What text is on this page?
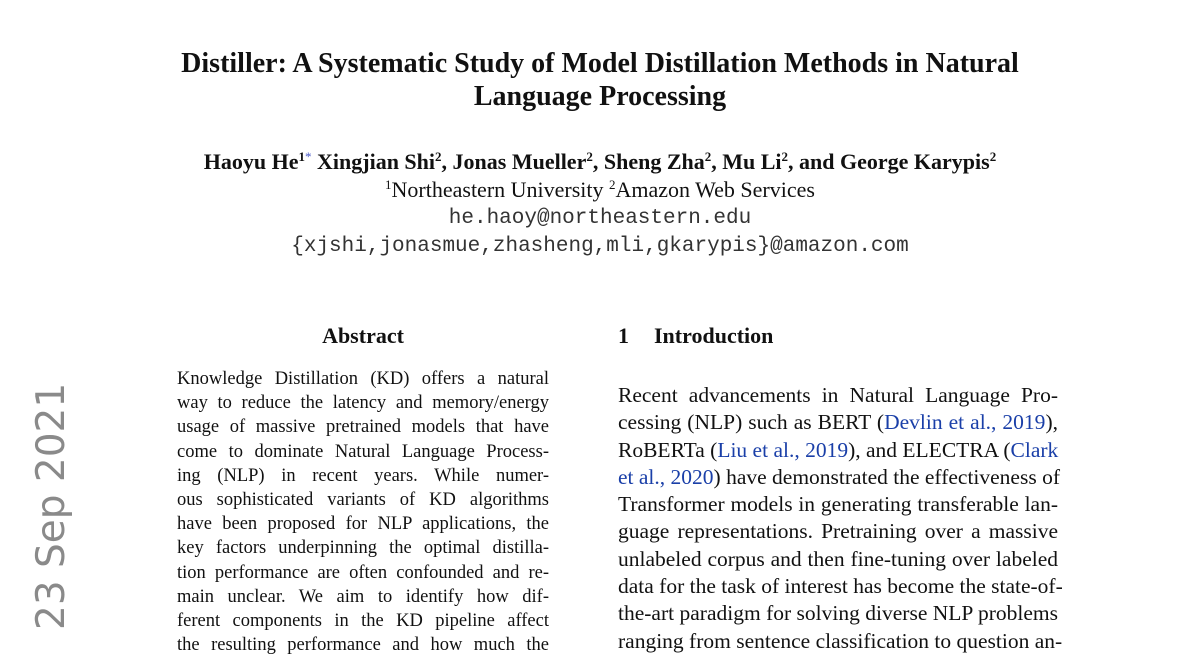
Distiller: A Systematic Study of Model Distillation Methods in Natural
Language Processing
Haoyu $He^{1*}$ Xingjian Shi$^2$, Jonas Mueller$^2$, Sheng Zha$^2$, Mu Li$^2$, and George Karypis$^2$
$^1$Northeastern University $^2$Amazon Web Services
he.haoy@northeastern.edu
{xjshi,jonasmue,zhasheng,mli,gkarypis}@amazon.com
23 Sep 2021
Abstract
Knowledge Distillation (KD) offers a natural
way to reduce the latency and memory/energy
usage of massive pretrained models that have
come to dominate Natural Language Process-
ing (NLP) in recent years. While numer-
ous sophisticated variants of KD algorithms
have been proposed for NLP applications, the
key factors underpinning the optimal distilla-
tion performance are often confounded and re-
main unclear. We aim to identify how dif-
ferent components in the KD pipeline affect
the resulting performance and how much the
1 Introduction
Recent advancements in Natural Language Pro-
cessing (NLP) such as BERT (Devlin et al., 2019),
RoBERTa (Liu et al., 2019), and ELECTRA (Clark
et al., 2020) have demonstrated the effectiveness of
Transformer models in generating transferable lan-
guage representations. Pretraining over a massive
unlabeled corpus and then fine-tuning over labeled
data for the task of interest has become the state-of-
the-art paradigm for solving diverse NLP problems
ranging from sentence classification to question an-
